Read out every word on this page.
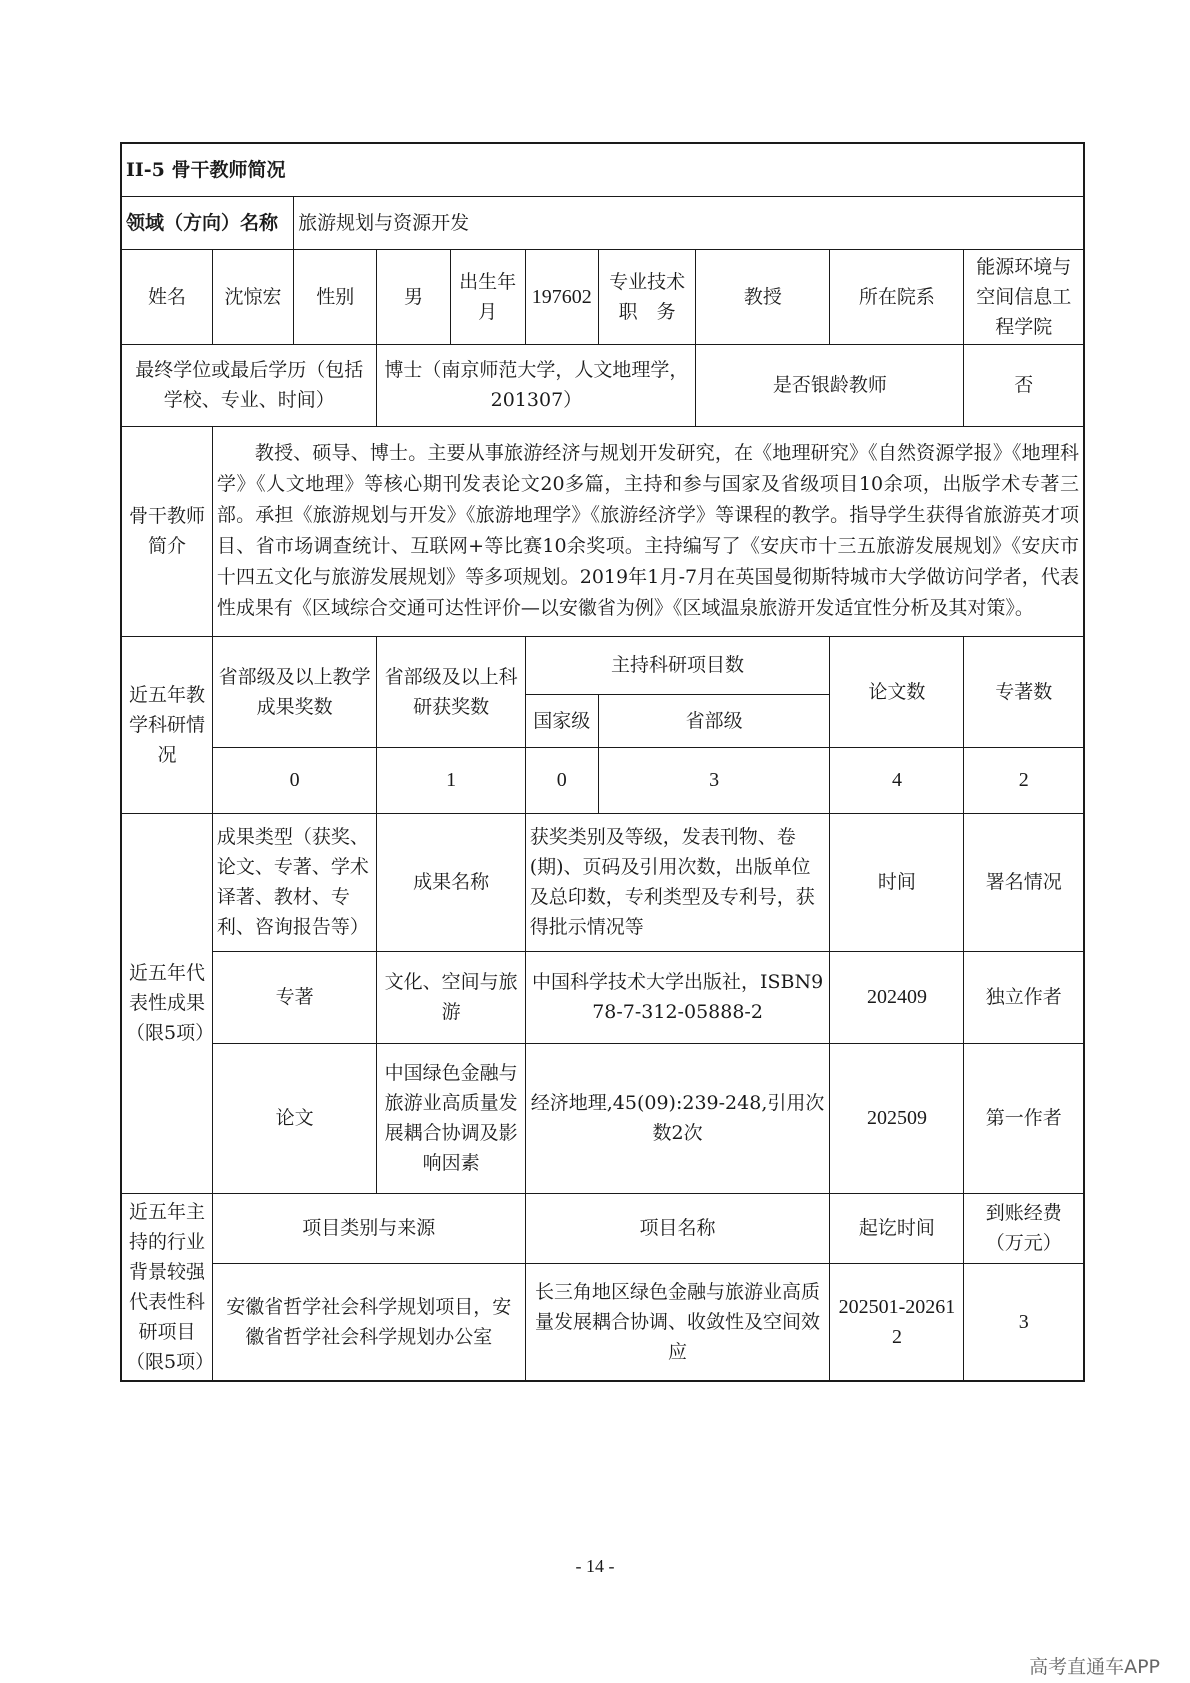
II-5 骨干教师简况									
领域（方向）名称		旅游规划与资源开发							
姓名	沈惊宏	性别	男	出生年月	197602	专业技术职　务	教授	所在院系	能源环境与空间信息工程学院
最终学位或最后学历（包括学校、专业、时间）			博士（南京师范大学，人文地理学，201307）				是否银龄教师		否
骨干教师简介	教授、硕导、博士。主要从事旅游经济与规划开发研究，在《地理研究》《自然资源学报》《地理科学》《人文地理》等核心期刊发表论文20多篇，主持和参与国家及省级项目10余项，出版学术专著三部。承担《旅游规划与开发》《旅游地理学》《旅游经济学》等课程的教学。指导学生获得省旅游英才项目、省市场调查统计、互联网+等比赛10余奖项。主持编写了《安庆市十三五旅游发展规划》《安庆市十四五文化与旅游发展规划》等多项规划。2019年1月-7月在英国曼彻斯特城市大学做访问学者，代表性成果有《区域综合交通可达性评价—以安徽省为例》《区域温泉旅游开发适宜性分析及其对策》。								
近五年教学科研情况	省部级及以上教学成果奖数		省部级及以上科研获奖数		主持科研项目数			论文数	专著数
					国家级	省部级			
	0		1		0	3		4	2
近五年代表性成果（限5项）	成果类型（获奖、论文、专著、学术译著、教材、专利、咨询报告等）		成果名称		获奖类别及等级，发表刊物、卷(期)、页码及引用次数，出版单位及总印数，专利类型及专利号，获得批示情况等			时间	署名情况
	专著		文化、空间与旅游		中国科学技术大学出版社，ISBN978-7-312-05888-2			202409	独立作者
	论文		中国绿色金融与旅游业高质量发展耦合协调及影响因素		经济地理,45(09):239-248,引用次数2次			202509	第一作者
近五年主持的行业背景较强代表性科研项目（限5项）	项目类别与来源				项目名称			起讫时间	到账经费（万元）
	安徽省哲学社会科学规划项目，安徽省哲学社会科学规划办公室				长三角地区绿色金融与旅游业高质量发展耦合协调、收敛性及空间效应			202501-202612	3
- 14 -
高考直通车APP
